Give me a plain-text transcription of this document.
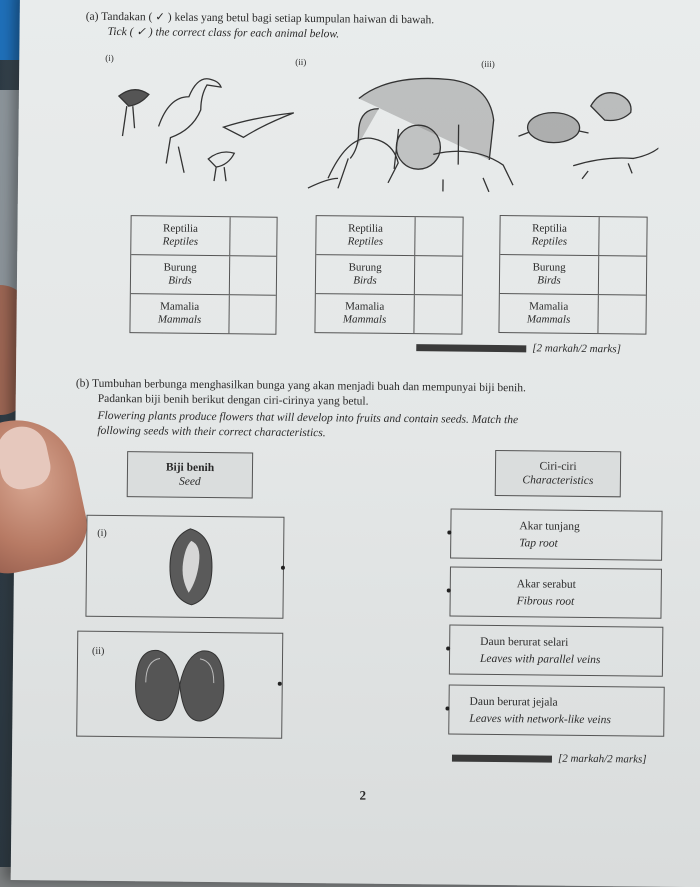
(a) Tandakan ( ✓ ) kelas yang betul bagi setiap kumpulan haiwan di bawah.
Tick ( ✓ ) the correct class for each animal below.
(i)	(ii)	(iii)
Reptilia
Reptiles
Burung
Birds
Mamalia
Mammals
Reptilia
Reptiles
Burung
Birds
Mamalia
Mammals
Reptilia
Reptiles
Burung
Birds
Mamalia
Mammals
[2 markah/2 marks]
(b) Tumbuhan berbunga menghasilkan bunga yang akan menjadi buah dan mempunyai biji benih.
Padankan biji benih berikut dengan ciri-cirinya yang betul.
Flowering plants produce flowers that will develop into fruits and contain seeds. Match the
following seeds with their correct characteristics.
Biji benih
Seed
Ciri-ciri
Characteristics
(i)
(ii)
Akar tunjang
Tap root
Akar serabut
Fibrous root
Daun berurat selari
Leaves with parallel veins
Daun berurat jejala
Leaves with network-like veins
[2 markah/2 marks]
2
